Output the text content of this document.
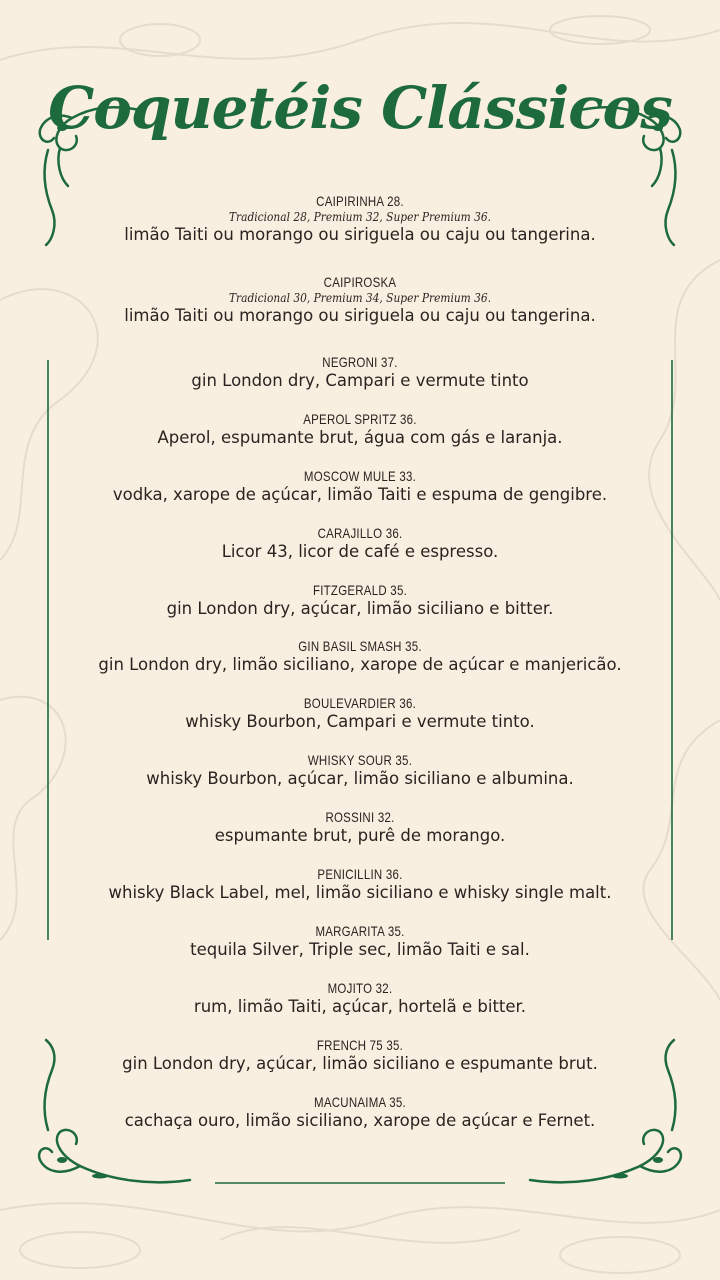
Coquetéis Clássicos
CAIPIRINHA 28.
Tradicional 28, Premium 32, Super Premium 36.
limão Taiti ou morango ou siriguela ou caju ou tangerina.
CAIPIROSKA
Tradicional 30, Premium 34, Super Premium 36.
limão Taiti ou morango ou siriguela ou caju ou tangerina.
NEGRONI 37.
gin London dry, Campari e vermute tinto
APEROL SPRITZ 36.
Aperol, espumante brut, água com gás e laranja.
MOSCOW MULE 33.
vodka, xarope de açúcar, limão Taiti e espuma de gengibre.
CARAJILLO 36.
Licor 43, licor de café e espresso.
FITZGERALD 35.
gin London dry, açúcar, limão siciliano e bitter.
GIN BASIL SMASH 35.
gin London dry, limão siciliano, xarope de açúcar e manjericão.
BOULEVARDIER 36.
whisky Bourbon, Campari e vermute tinto.
WHISKY SOUR 35.
whisky Bourbon, açúcar, limão siciliano e albumina.
ROSSINI 32.
espumante brut, purê de morango.
PENICILLIN 36.
whisky Black Label, mel, limão siciliano e whisky single malt.
MARGARITA 35.
tequila Silver, Triple sec, limão Taiti e sal.
MOJITO 32.
rum, limão Taiti, açúcar, hortelã e bitter.
FRENCH 75 35.
gin London dry, açúcar, limão siciliano e espumante brut.
MACUNAIMA 35.
cachaça ouro, limão siciliano, xarope de açúcar e Fernet.
